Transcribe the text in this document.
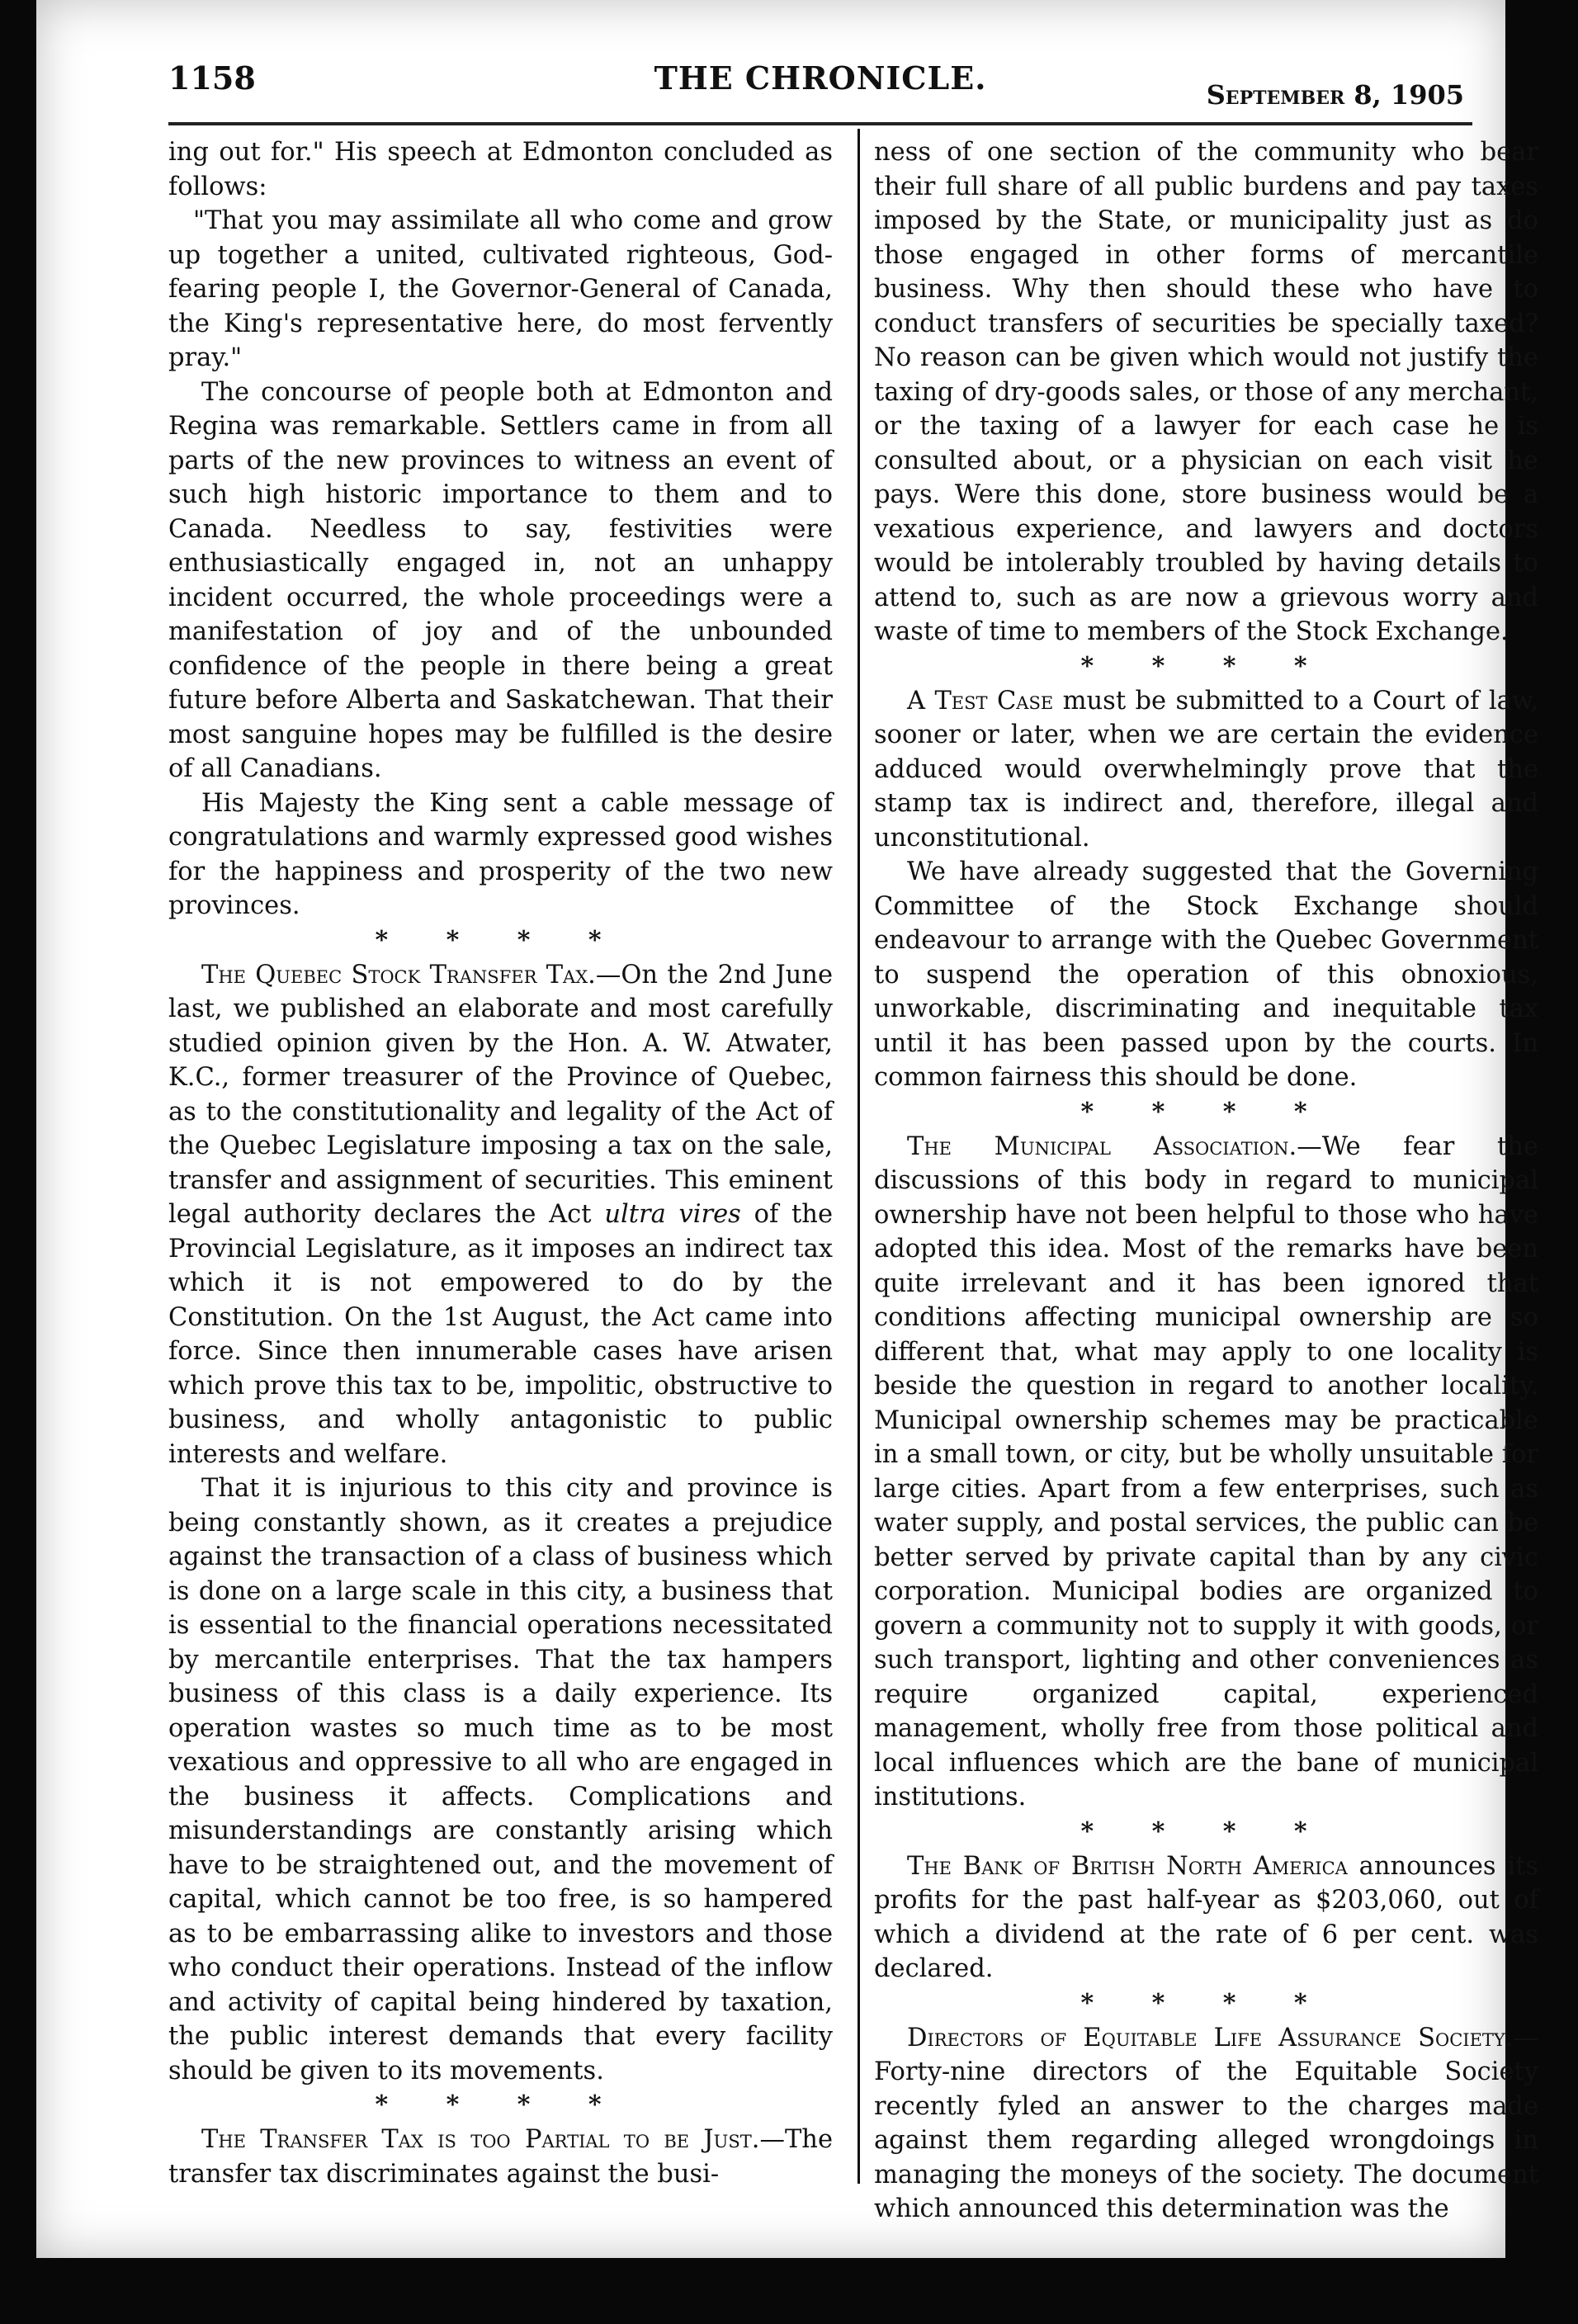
1158	THE CHRONICLE.	September 8, 1905

ing out for." His speech at Edmonton concluded as follows:

"That you may assimilate all who come and grow up together a united, cultivated righteous, God-fearing people I, the Governor-General of Canada, the King's representative here, do most fervently pray."

The concourse of people both at Edmonton and Regina was remarkable. Settlers came in from all parts of the new provinces to witness an event of such high historic importance to them and to Canada. Needless to say, festivities were enthusiastically engaged in, not an unhappy incident occurred, the whole proceedings were a manifestation of joy and of the unbounded confidence of the people in there being a great future before Alberta and Saskatchewan. That their most sanguine hopes may be fulfilled is the desire of all Canadians.

His Majesty the King sent a cable message of congratulations and warmly expressed good wishes for the happiness and prosperity of the two new provinces.

* * * *

The Quebec Stock Transfer Tax.—On the 2nd June last, we published an elaborate and most carefully studied opinion given by the Hon. A. W. Atwater, K.C., former treasurer of the Province of Quebec, as to the constitutionality and legality of the Act of the Quebec Legislature imposing a tax on the sale, transfer and assignment of securities. This eminent legal authority declares the Act ultra vires of the Provincial Legislature, as it imposes an indirect tax which it is not empowered to do by the Constitution. On the 1st August, the Act came into force. Since then innumerable cases have arisen which prove this tax to be, impolitic, obstructive to business, and wholly antagonistic to public interests and welfare.

That it is injurious to this city and province is being constantly shown, as it creates a prejudice against the transaction of a class of business which is done on a large scale in this city, a business that is essential to the financial operations necessitated by mercantile enterprises. That the tax hampers business of this class is a daily experience. Its operation wastes so much time as to be most vexatious and oppressive to all who are engaged in the business it affects. Complications and misunderstandings are constantly arising which have to be straightened out, and the movement of capital, which cannot be too free, is so hampered as to be embarrassing alike to investors and those who conduct their operations. Instead of the inflow and activity of capital being hindered by taxation, the public interest demands that every facility should be given to its movements.

* * * *

The Transfer Tax is too Partial to be Just.—The transfer tax discriminates against the busi-

ness of one section of the community who bear their full share of all public burdens and pay taxes imposed by the State, or municipality just as do those engaged in other forms of mercantile business. Why then should these who have to conduct transfers of securities be specially taxed? No reason can be given which would not justify the taxing of dry-goods sales, or those of any merchant, or the taxing of a lawyer for each case he is consulted about, or a physician on each visit he pays. Were this done, store business would be a vexatious experience, and lawyers and doctors would be intolerably troubled by having details to attend to, such as are now a grievous worry and waste of time to members of the Stock Exchange.

* * * *

A Test Case must be submitted to a Court of law, sooner or later, when we are certain the evidence adduced would overwhelmingly prove that the stamp tax is indirect and, therefore, illegal and unconstitutional.

We have already suggested that the Governing Committee of the Stock Exchange should endeavour to arrange with the Quebec Government to suspend the operation of this obnoxious, unworkable, discriminating and inequitable tax until it has been passed upon by the courts. In common fairness this should be done.

* * * *

The Municipal Association.—We fear the discussions of this body in regard to municipal ownership have not been helpful to those who have adopted this idea. Most of the remarks have been quite irrelevant and it has been ignored that conditions affecting municipal ownership are so different that, what may apply to one locality is beside the question in regard to another locality. Municipal ownership schemes may be practicable in a small town, or city, but be wholly unsuitable for large cities. Apart from a few enterprises, such as water supply, and postal services, the public can be better served by private capital than by any civic corporation. Municipal bodies are organized to govern a community not to supply it with goods, or such transport, lighting and other conveniences as require organized capital, experienced management, wholly free from those political and local influences which are the bane of municipal institutions.

* * * *

The Bank of British North America announces its profits for the past half-year as $203,060, out of which a dividend at the rate of 6 per cent. was declared.

* * * *

Directors of Equitable Life Assurance Society.—Forty-nine directors of the Equitable Society recently fyled an answer to the charges made against them regarding alleged wrongdoings in managing the moneys of the society. The document which announced this determination was the
